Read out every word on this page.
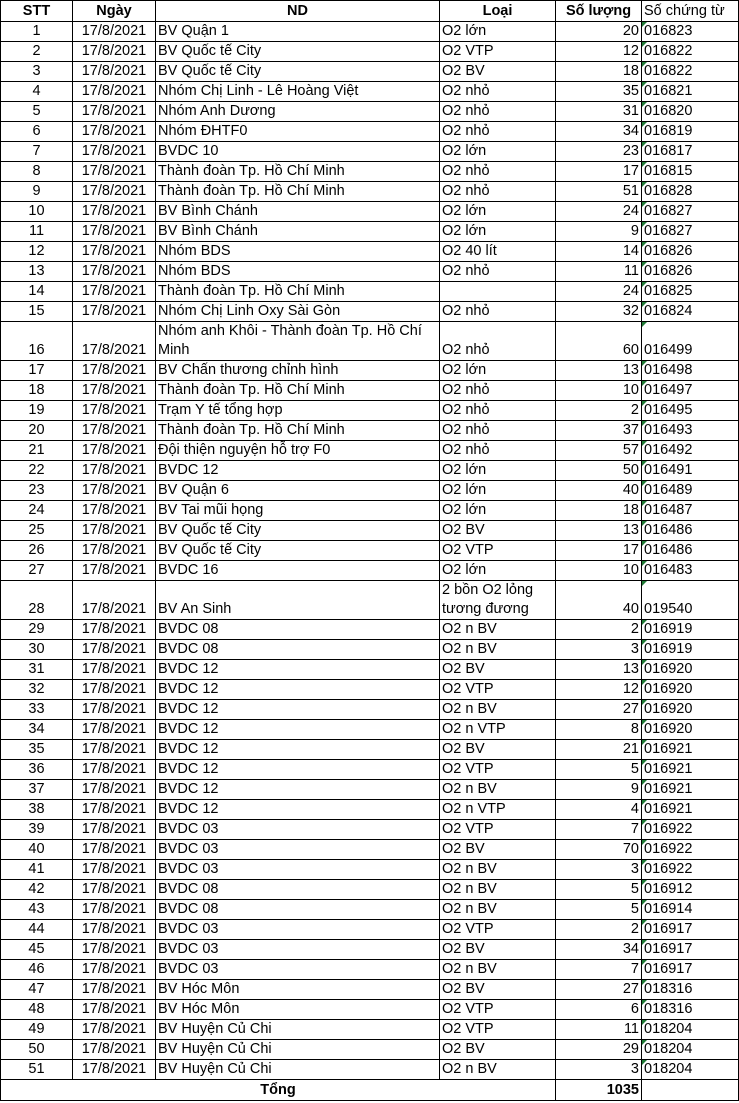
STT	Ngày	ND	Loại	Số lượng	Số chứng từ
1	17/8/2021	BV Quận 1	O2 lớn	20	016823
2	17/8/2021	BV Quốc tế City	O2 VTP	12	016822
3	17/8/2021	BV Quốc tế City	O2 BV	18	016822
4	17/8/2021	Nhóm Chị Linh - Lê Hoàng Việt	O2 nhỏ	35	016821
5	17/8/2021	Nhóm Anh Dương	O2 nhỏ	31	016820
6	17/8/2021	Nhóm ĐHTF0	O2 nhỏ	34	016819
7	17/8/2021	BVDC 10	O2 lớn	23	016817
8	17/8/2021	Thành đoàn Tp. Hồ Chí Minh	O2 nhỏ	17	016815
9	17/8/2021	Thành đoàn Tp. Hồ Chí Minh	O2 nhỏ	51	016828
10	17/8/2021	BV Bình Chánh	O2 lớn	24	016827
11	17/8/2021	BV Bình Chánh	O2 lớn	9	016827
12	17/8/2021	Nhóm BDS	O2 40 lít	14	016826
13	17/8/2021	Nhóm BDS	O2 nhỏ	11	016826
14	17/8/2021	Thành đoàn Tp. Hồ Chí Minh		24	016825
15	17/8/2021	Nhóm Chị Linh Oxy Sài Gòn	O2 nhỏ	32	016824
16	17/8/2021	Nhóm anh Khôi - Thành đoàn Tp. Hồ Chí Minh	O2 nhỏ	60	016499
17	17/8/2021	BV Chấn thương chỉnh hình	O2 lớn	13	016498
18	17/8/2021	Thành đoàn Tp. Hồ Chí Minh	O2 nhỏ	10	016497
19	17/8/2021	Trạm Y tế tổng hợp	O2 nhỏ	2	016495
20	17/8/2021	Thành đoàn Tp. Hồ Chí Minh	O2 nhỏ	37	016493
21	17/8/2021	Đội thiện nguyện hỗ trợ F0	O2 nhỏ	57	016492
22	17/8/2021	BVDC 12	O2 lớn	50	016491
23	17/8/2021	BV Quận 6	O2 lớn	40	016489
24	17/8/2021	BV Tai mũi họng	O2 lớn	18	016487
25	17/8/2021	BV Quốc tế City	O2 BV	13	016486
26	17/8/2021	BV Quốc tế City	O2 VTP	17	016486
27	17/8/2021	BVDC 16	O2 lớn	10	016483
28	17/8/2021	BV An Sinh	2 bồn O2 lỏng tương đương	40	019540
29	17/8/2021	BVDC 08	O2 n BV	2	016919
30	17/8/2021	BVDC 08	O2 n BV	3	016919
31	17/8/2021	BVDC 12	O2 BV	13	016920
32	17/8/2021	BVDC 12	O2 VTP	12	016920
33	17/8/2021	BVDC 12	O2 n BV	27	016920
34	17/8/2021	BVDC 12	O2 n VTP	8	016920
35	17/8/2021	BVDC 12	O2 BV	21	016921
36	17/8/2021	BVDC 12	O2 VTP	5	016921
37	17/8/2021	BVDC 12	O2 n BV	9	016921
38	17/8/2021	BVDC 12	O2 n VTP	4	016921
39	17/8/2021	BVDC 03	O2 VTP	7	016922
40	17/8/2021	BVDC 03	O2 BV	70	016922
41	17/8/2021	BVDC 03	O2 n BV	3	016922
42	17/8/2021	BVDC 08	O2 n BV	5	016912
43	17/8/2021	BVDC 08	O2 n BV	5	016914
44	17/8/2021	BVDC 03	O2 VTP	2	016917
45	17/8/2021	BVDC 03	O2 BV	34	016917
46	17/8/2021	BVDC 03	O2 n BV	7	016917
47	17/8/2021	BV Hóc Môn	O2 BV	27	018316
48	17/8/2021	BV Hóc Môn	O2 VTP	6	018316
49	17/8/2021	BV Huyện Củ Chi	O2 VTP	11	018204
50	17/8/2021	BV Huyện Củ Chi	O2 BV	29	018204
51	17/8/2021	BV Huyện Củ Chi	O2 n BV	3	018204
Tổng				1035	
